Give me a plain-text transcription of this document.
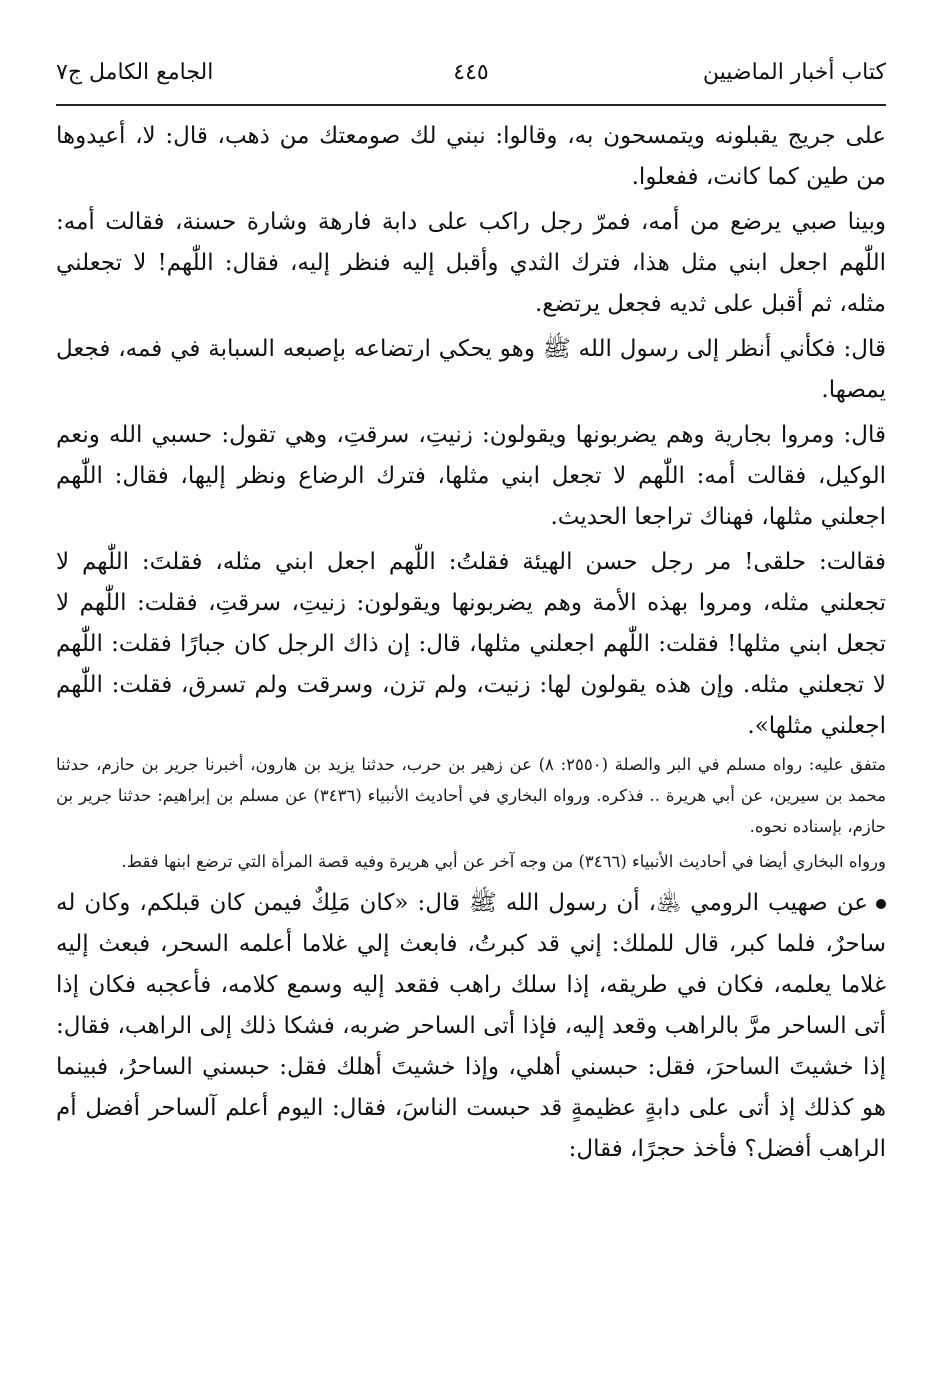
كتاب أخبار الماضيين
٤٤٥
الجامع الكامل ج٧

على جريج يقبلونه ويتمسحون به، وقالوا: نبني لك صومعتك من ذهب، قال: لا، أعيدوها من طين كما كانت، ففعلوا.

وبينا صبي يرضع من أمه، فمرّ رجل راكب على دابة فارهة وشارة حسنة، فقالت أمه: اللّٰهم اجعل ابني مثل هذا، فترك الثدي وأقبل إليه فنظر إليه، فقال: اللّٰهم! لا تجعلني مثله، ثم أقبل على ثديه فجعل يرتضع.

قال: فكأني أنظر إلى رسول الله ﷺ وهو يحكي ارتضاعه بإصبعه السبابة في فمه، فجعل يمصها.

قال: ومروا بجارية وهم يضربونها ويقولون: زنيتِ، سرقتِ، وهي تقول: حسبي الله ونعم الوكيل، فقالت أمه: اللّٰهم لا تجعل ابني مثلها، فترك الرضاع ونظر إليها، فقال: اللّٰهم اجعلني مثلها، فهناك تراجعا الحديث.

فقالت: حلقى! مر رجل حسن الهيئة فقلتُ: اللّٰهم اجعل ابني مثله، فقلتَ: اللّٰهم لا تجعلني مثله، ومروا بهذه الأمة وهم يضربونها ويقولون: زنيتِ، سرقتِ، فقلت: اللّٰهم لا تجعل ابني مثلها! فقلت: اللّٰهم اجعلني مثلها، قال: إن ذاك الرجل كان جبارًا فقلت: اللّٰهم لا تجعلني مثله. وإن هذه يقولون لها: زنيت، ولم تزن، وسرقت ولم تسرق، فقلت: اللّٰهم اجعلني مثلها».

متفق عليه: رواه مسلم في البر والصلة (٢٥٥٠: ٨) عن زهير بن حرب، حدثنا يزيد بن هارون، أخبرنا جرير بن حازم، حدثنا محمد بن سيرين، عن أبي هريرة .. فذكره. ورواه البخاري في أحاديث الأنبياء (٣٤٣٦) عن مسلم بن إبراهيم: حدثنا جرير بن حازم، بإسناده نحوه.

ورواه البخاري أيضا في أحاديث الأنبياء (٣٤٦٦) من وجه آخر عن أبي هريرة وفيه قصة المرأة التي ترضع ابنها فقط.

عن صهيب الرومي ﵁، أن رسول الله ﷺ قال: «كان مَلِكٌ فيمن كان قبلكم، وكان له ساحرٌ، فلما كبر، قال للملك: إني قد كبرتُ، فابعث إلي غلاما أعلمه السحر، فبعث إليه غلاما يعلمه، فكان في طريقه، إذا سلك راهب فقعد إليه وسمع كلامه، فأعجبه فكان إذا أتى الساحر مرَّ بالراهب وقعد إليه، فإذا أتى الساحر ضربه، فشكا ذلك إلى الراهب، فقال: إذا خشيتَ الساحرَ، فقل: حبسني أهلي، وإذا خشيتَ أهلك فقل: حبسني الساحرُ، فبينما هو كذلك إذ أتى على دابةٍ عظيمةٍ قد حبست الناسَ، فقال: اليوم أعلم آلساحر أفضل أم الراهب أفضل؟ فأخذ حجرًا، فقال:
